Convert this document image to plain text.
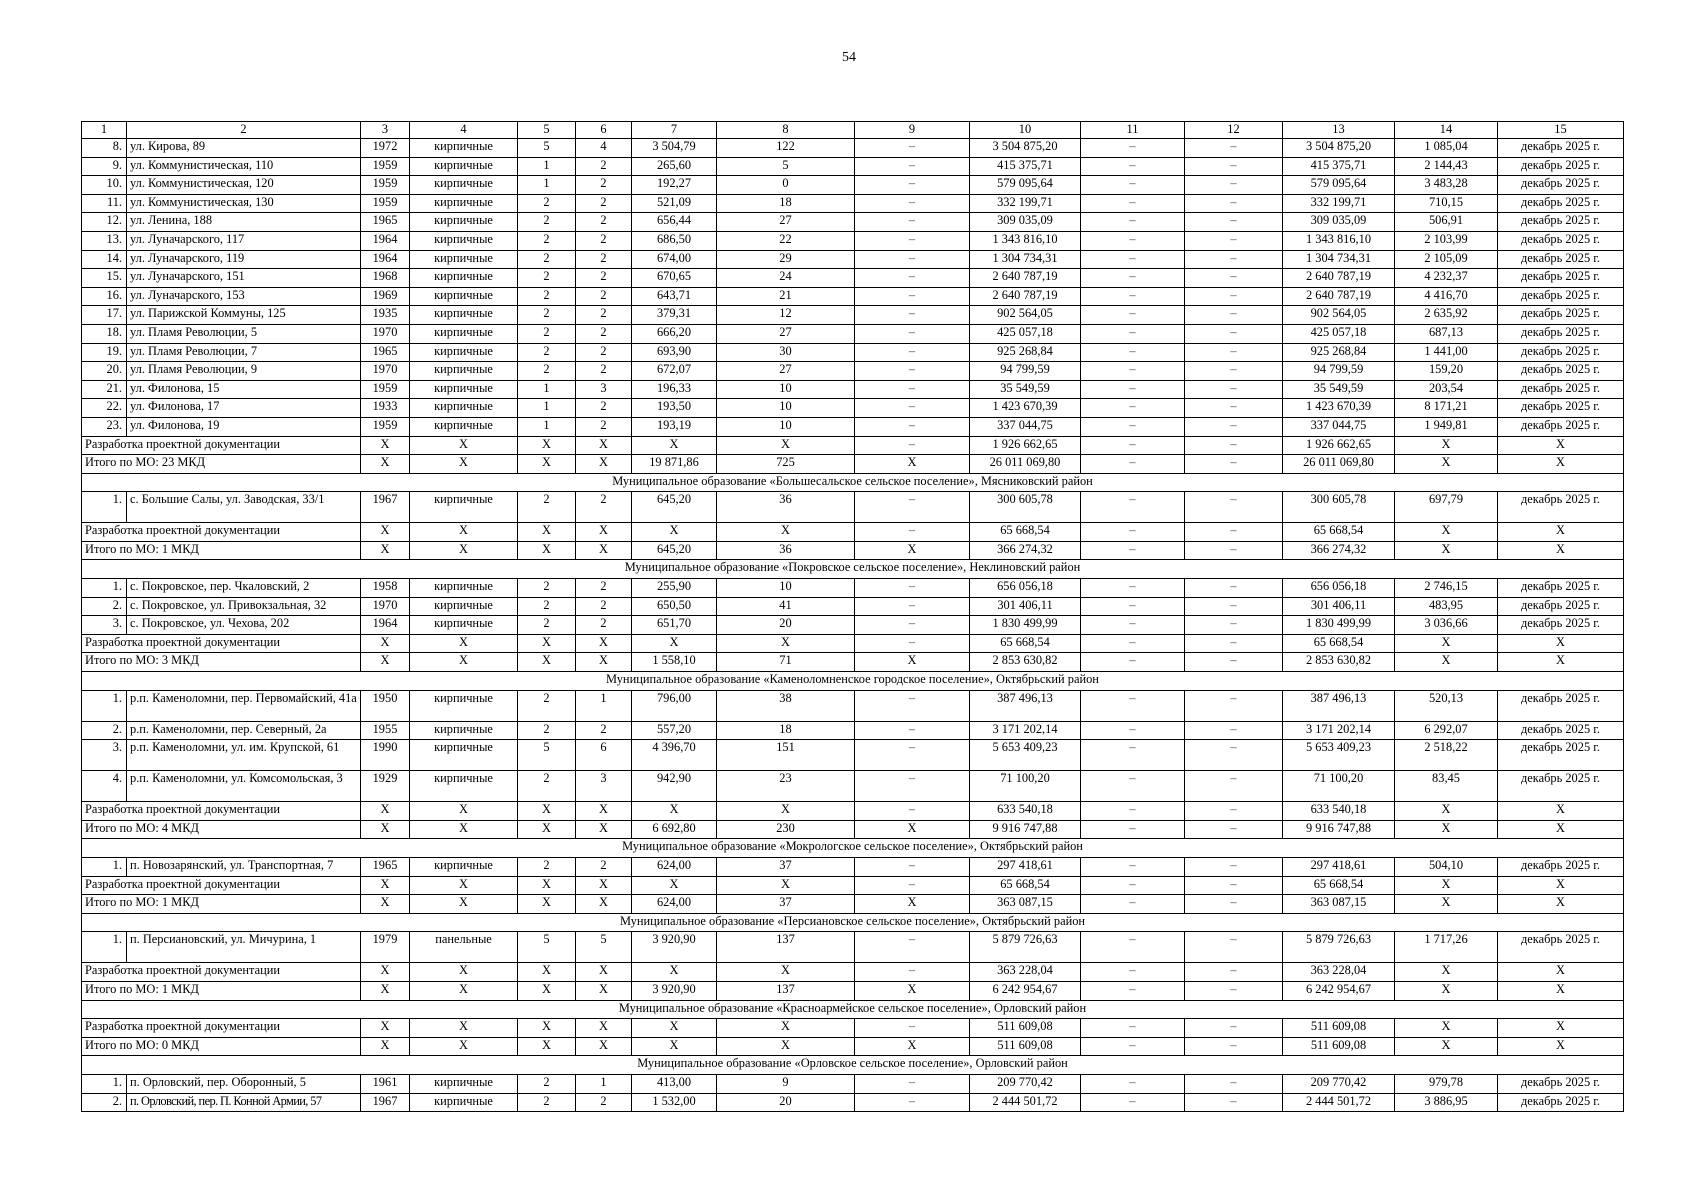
54
1	2	3	4	5	6	7	8	9	10	11	12	13	14	15
8.	ул. Кирова, 89	1972	кирпичные	5	4	3 504,79	122	–	3 504 875,20	–	–	3 504 875,20	1 085,04	декабрь 2025 г.
9.	ул. Коммунистическая, 110	1959	кирпичные	1	2	265,60	5	–	415 375,71	–	–	415 375,71	2 144,43	декабрь 2025 г.
10.	ул. Коммунистическая, 120	1959	кирпичные	1	2	192,27	0	–	579 095,64	–	–	579 095,64	3 483,28	декабрь 2025 г.
11.	ул. Коммунистическая, 130	1959	кирпичные	2	2	521,09	18	–	332 199,71	–	–	332 199,71	710,15	декабрь 2025 г.
12.	ул. Ленина, 188	1965	кирпичные	2	2	656,44	27	–	309 035,09	–	–	309 035,09	506,91	декабрь 2025 г.
13.	ул. Луначарского, 117	1964	кирпичные	2	2	686,50	22	–	1 343 816,10	–	–	1 343 816,10	2 103,99	декабрь 2025 г.
14.	ул. Луначарского, 119	1964	кирпичные	2	2	674,00	29	–	1 304 734,31	–	–	1 304 734,31	2 105,09	декабрь 2025 г.
15.	ул. Луначарского, 151	1968	кирпичные	2	2	670,65	24	–	2 640 787,19	–	–	2 640 787,19	4 232,37	декабрь 2025 г.
16.	ул. Луначарского, 153	1969	кирпичные	2	2	643,71	21	–	2 640 787,19	–	–	2 640 787,19	4 416,70	декабрь 2025 г.
17.	ул. Парижской Коммуны, 125	1935	кирпичные	2	2	379,31	12	–	902 564,05	–	–	902 564,05	2 635,92	декабрь 2025 г.
18.	ул. Пламя Революции, 5	1970	кирпичные	2	2	666,20	27	–	425 057,18	–	–	425 057,18	687,13	декабрь 2025 г.
19.	ул. Пламя Революции, 7	1965	кирпичные	2	2	693,90	30	–	925 268,84	–	–	925 268,84	1 441,00	декабрь 2025 г.
20.	ул. Пламя Революции, 9	1970	кирпичные	2	2	672,07	27	–	94 799,59	–	–	94 799,59	159,20	декабрь 2025 г.
21.	ул. Филонова, 15	1959	кирпичные	1	3	196,33	10	–	35 549,59	–	–	35 549,59	203,54	декабрь 2025 г.
22.	ул. Филонова, 17	1933	кирпичные	1	2	193,50	10	–	1 423 670,39	–	–	1 423 670,39	8 171,21	декабрь 2025 г.
23.	ул. Филонова, 19	1959	кирпичные	1	2	193,19	10	–	337 044,75	–	–	337 044,75	1 949,81	декабрь 2025 г.
Разработка проектной документации		X	X	X	X	X	X	–	1 926 662,65	–	–	1 926 662,65	X	X
Итого по МО: 23 МКД		X	X	X	X	19 871,86	725	X	26 011 069,80	–	–	26 011 069,80	X	X
Муниципальное образование «Большесальское сельское поселение», Мясниковский район														
1.	с. Большие Салы, ул. Заводская, 33/1	1967	кирпичные	2	2	645,20	36	–	300 605,78	–	–	300 605,78	697,79	декабрь 2025 г.
Разработка проектной документации		X	X	X	X	X	X	–	65 668,54	–	–	65 668,54	X	X
Итого по МО: 1 МКД		X	X	X	X	645,20	36	X	366 274,32	–	–	366 274,32	X	X
Муниципальное образование «Покровское сельское поселение», Неклиновский район														
1.	с. Покровское, пер. Чкаловский, 2	1958	кирпичные	2	2	255,90	10	–	656 056,18	–	–	656 056,18	2 746,15	декабрь 2025 г.
2.	с. Покровское, ул. Привокзальная, 32	1970	кирпичные	2	2	650,50	41	–	301 406,11	–	–	301 406,11	483,95	декабрь 2025 г.
3.	с. Покровское, ул. Чехова, 202	1964	кирпичные	2	2	651,70	20	–	1 830 499,99	–	–	1 830 499,99	3 036,66	декабрь 2025 г.
Разработка проектной документации		X	X	X	X	X	X	–	65 668,54	–	–	65 668,54	X	X
Итого по МО: 3 МКД		X	X	X	X	1 558,10	71	X	2 853 630,82	–	–	2 853 630,82	X	X
Муниципальное образование «Каменоломненское городское поселение», Октябрьский район														
1.	р.п. Каменоломни, пер. Первомайский, 41а	1950	кирпичные	2	1	796,00	38	–	387 496,13	–	–	387 496,13	520,13	декабрь 2025 г.
2.	р.п. Каменоломни, пер. Северный, 2а	1955	кирпичные	2	2	557,20	18	–	3 171 202,14	–	–	3 171 202,14	6 292,07	декабрь 2025 г.
3.	р.п. Каменоломни, ул. им. Крупской, 61	1990	кирпичные	5	6	4 396,70	151	–	5 653 409,23	–	–	5 653 409,23	2 518,22	декабрь 2025 г.
4.	р.п. Каменоломни, ул. Комсомольская, 3	1929	кирпичные	2	3	942,90	23	–	71 100,20	–	–	71 100,20	83,45	декабрь 2025 г.
Разработка проектной документации		X	X	X	X	X	X	–	633 540,18	–	–	633 540,18	X	X
Итого по МО: 4 МКД		X	X	X	X	6 692,80	230	X	9 916 747,88	–	–	9 916 747,88	X	X
Муниципальное образование «Мокрологское сельское поселение», Октябрьский район														
1.	п. Новозарянский, ул. Транспортная, 7	1965	кирпичные	2	2	624,00	37	–	297 418,61	–	–	297 418,61	504,10	декабрь 2025 г.
Разработка проектной документации		X	X	X	X	X	X	–	65 668,54	–	–	65 668,54	X	X
Итого по МО: 1 МКД		X	X	X	X	624,00	37	X	363 087,15	–	–	363 087,15	X	X
Муниципальное образование «Персиановское сельское поселение», Октябрьский район														
1.	п. Персиановский, ул. Мичурина, 1	1979	панельные	5	5	3 920,90	137	–	5 879 726,63	–	–	5 879 726,63	1 717,26	декабрь 2025 г.
Разработка проектной документации		X	X	X	X	X	X	–	363 228,04	–	–	363 228,04	X	X
Итого по МО: 1 МКД		X	X	X	X	3 920,90	137	X	6 242 954,67	–	–	6 242 954,67	X	X
Муниципальное образование «Красноармейское сельское поселение», Орловский район														
Разработка проектной документации		X	X	X	X	X	X	–	511 609,08	–	–	511 609,08	X	X
Итого по МО: 0 МКД		X	X	X	X	X	X	X	511 609,08	–	–	511 609,08	X	X
Муниципальное образование «Орловское сельское поселение», Орловский район														
1.	п. Орловский, пер. Оборонный, 5	1961	кирпичные	2	1	413,00	9	–	209 770,42	–	–	209 770,42	979,78	декабрь 2025 г.
2.	п. Орловский, пер. П. Конной Армии, 57	1967	кирпичные	2	2	1 532,00	20	–	2 444 501,72	–	–	2 444 501,72	3 886,95	декабрь 2025 г.
